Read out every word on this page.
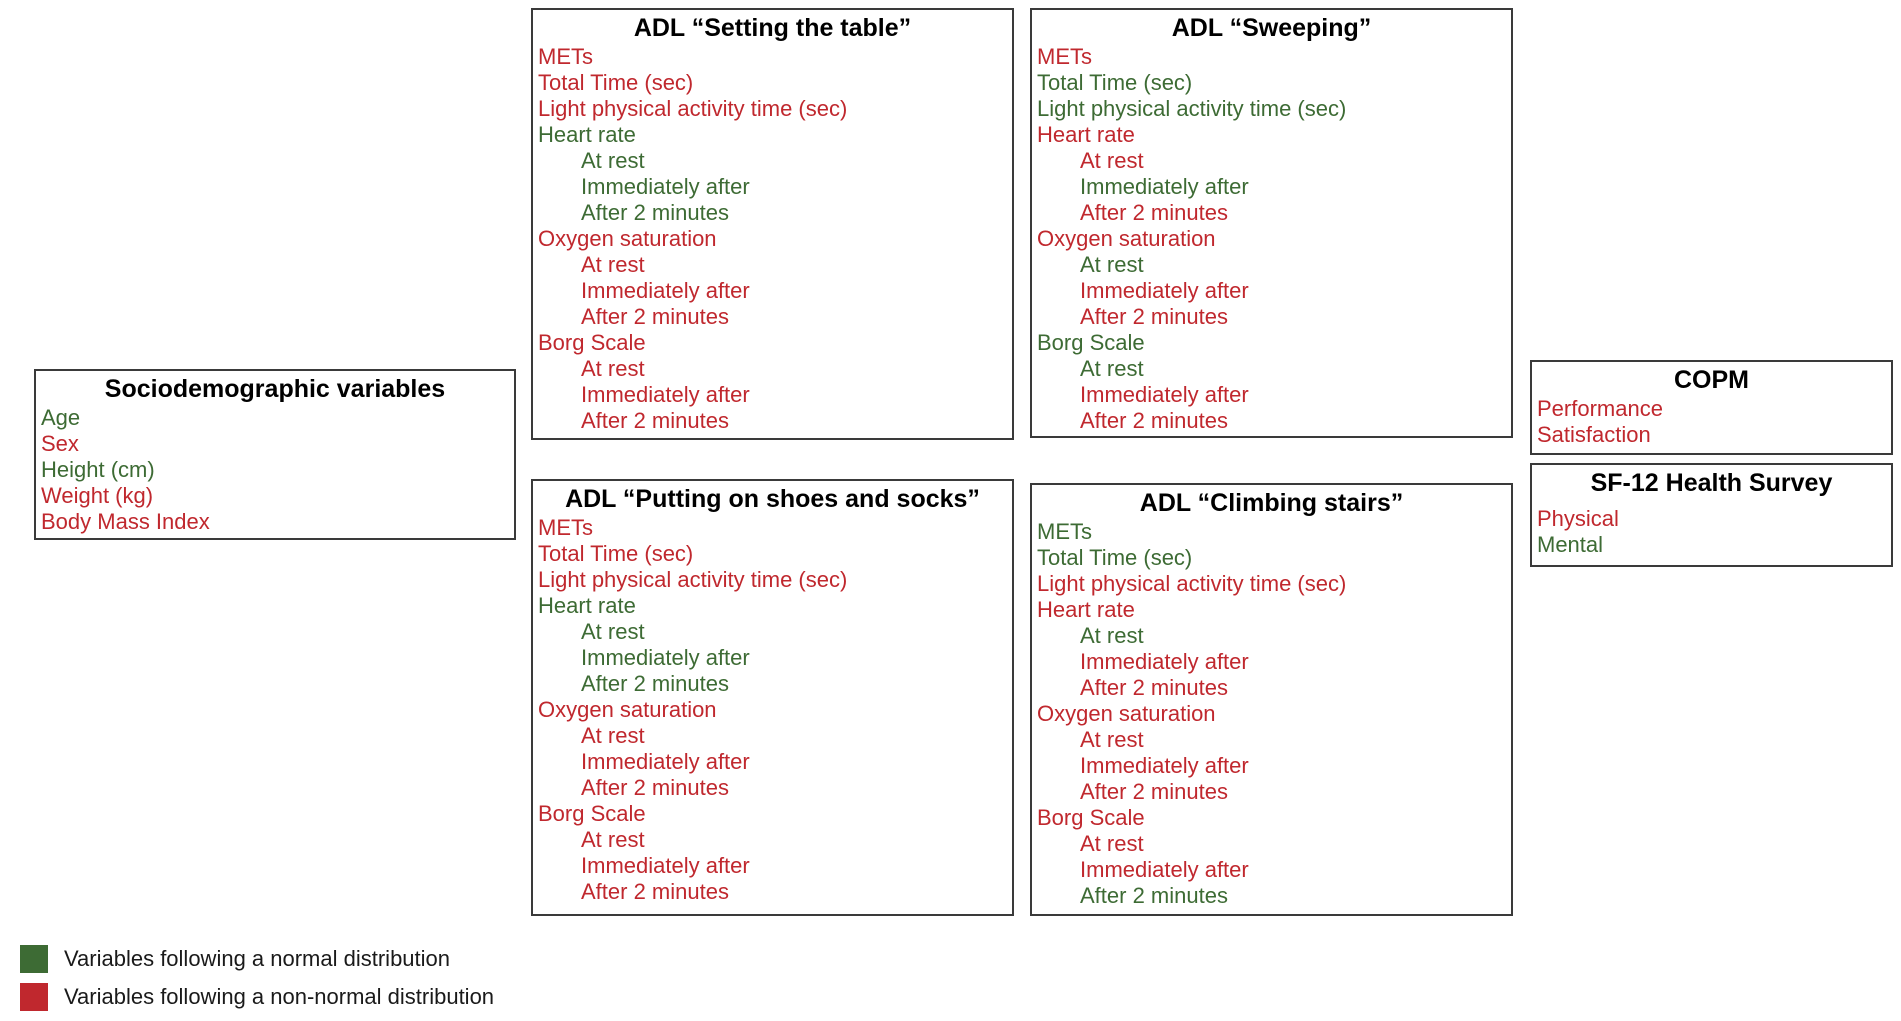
Sociodemographic variables
Age
Sex
Height (cm)
Weight (kg)
Body Mass Index
ADL “Setting the table”
METs
Total Time (sec)
Light physical activity time (sec)
Heart rate
At rest
Immediately after
After 2 minutes
Oxygen saturation
At rest
Immediately after
After 2 minutes
Borg Scale
At rest
Immediately after
After 2 minutes
ADL “Sweeping”
METs
Total Time (sec)
Light physical activity time (sec)
Heart rate
At rest
Immediately after
After 2 minutes
Oxygen saturation
At rest
Immediately after
After 2 minutes
Borg Scale
At rest
Immediately after
After 2 minutes
ADL “Putting on shoes and socks”
METs
Total Time (sec)
Light physical activity time (sec)
Heart rate
At rest
Immediately after
After 2 minutes
Oxygen saturation
At rest
Immediately after
After 2 minutes
Borg Scale
At rest
Immediately after
After 2 minutes
ADL “Climbing stairs”
METs
Total Time (sec)
Light physical activity time (sec)
Heart rate
At rest
Immediately after
After 2 minutes
Oxygen saturation
At rest
Immediately after
After 2 minutes
Borg Scale
At rest
Immediately after
After 2 minutes
COPM
Performance
Satisfaction
SF-12 Health Survey
Physical
Mental
Variables following a normal distribution
Variables following a non-normal distribution
